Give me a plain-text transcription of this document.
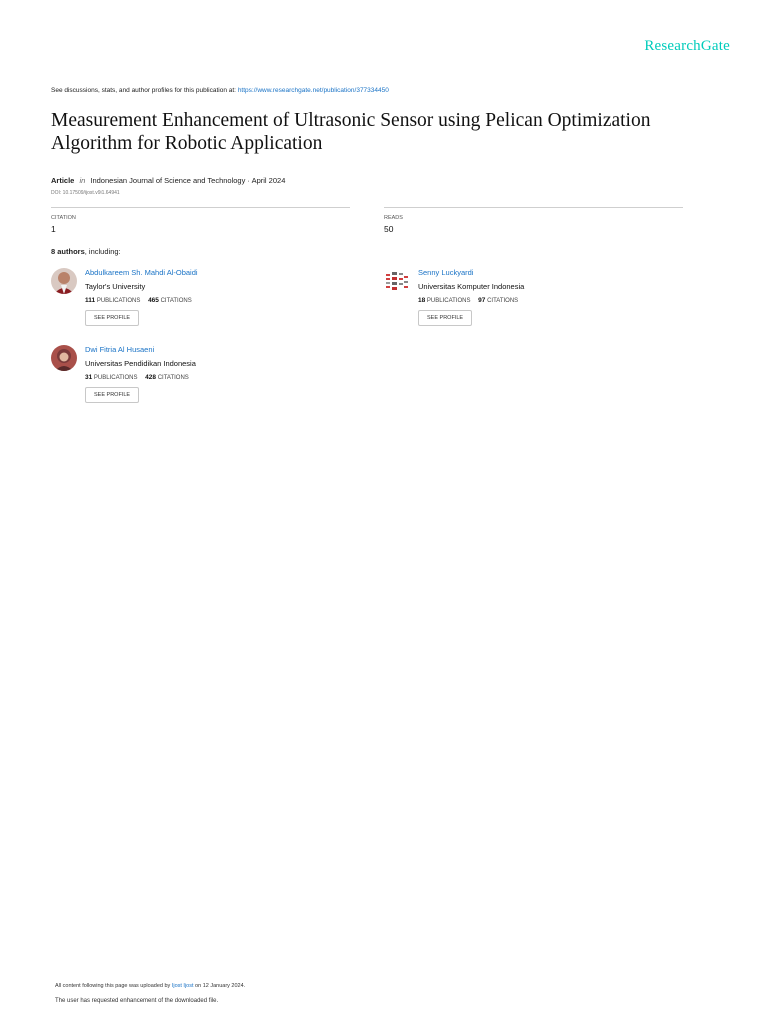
ResearchGate
See discussions, stats, and author profiles for this publication at: https://www.researchgate.net/publication/377334450
Measurement Enhancement of Ultrasonic Sensor using Pelican Optimization Algorithm for Robotic Application
Article in Indonesian Journal of Science and Technology · April 2024
DOI: 10.17509/ijost.v9i1.64941
CITATION
1
READS
50
8 authors, including:
Abdulkareem Sh. Mahdi Al-Obaidi
Taylor's University
111 PUBLICATIONS 465 CITATIONS
SEE PROFILE
Senny Luckyardi
Universitas Komputer Indonesia
18 PUBLICATIONS 97 CITATIONS
SEE PROFILE
Dwi Fitria Al Husaeni
Universitas Pendidikan Indonesia
31 PUBLICATIONS 428 CITATIONS
SEE PROFILE
All content following this page was uploaded by Ijost Ijost on 12 January 2024.
The user has requested enhancement of the downloaded file.
